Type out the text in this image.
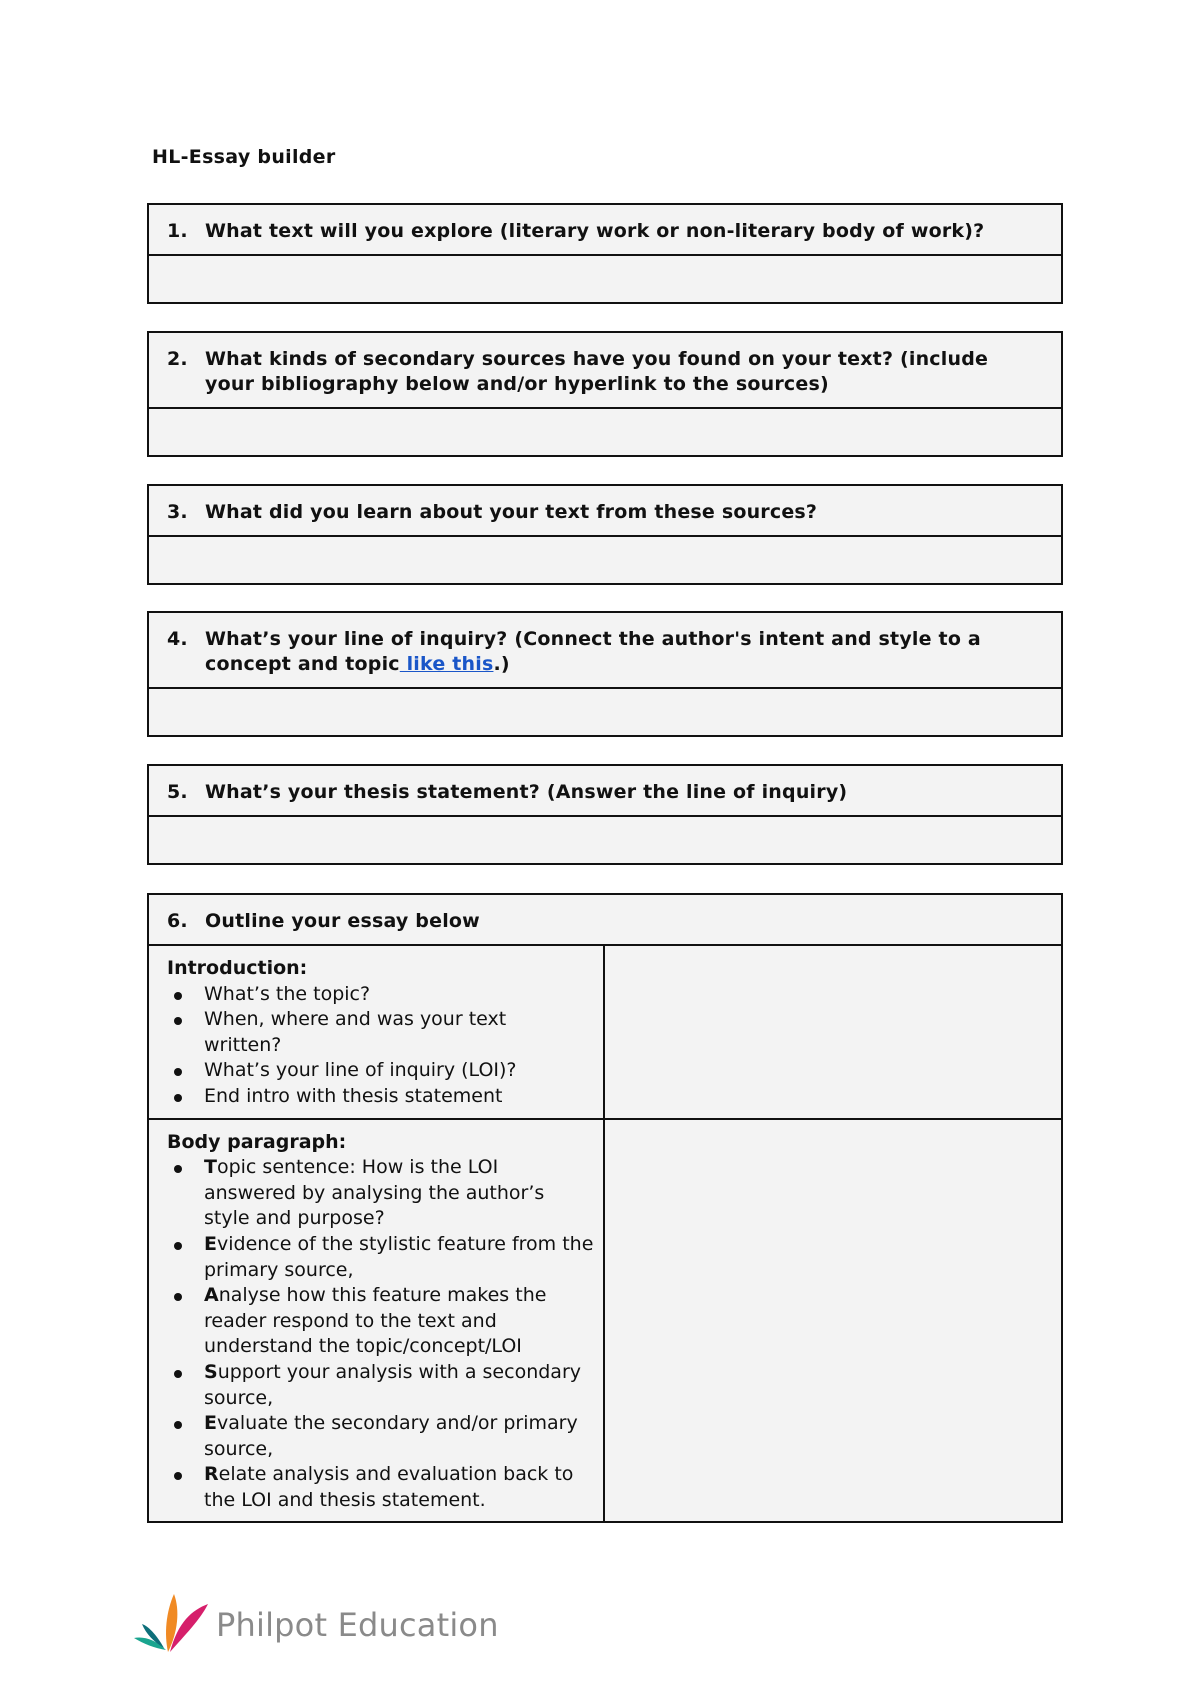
HL-Essay builder
1. What text will you explore (literary work or non-literary body of work)?
2. What kinds of secondary sources have you found on your text? (include your bibliography below and/or hyperlink to the sources)
3. What did you learn about your text from these sources?
4. What’s your line of inquiry? (Connect the author's intent and style to a concept and topic like this.)
5. What’s your thesis statement? (Answer the line of inquiry)
6. Outline your essay below
Introduction:
What’s the topic?
When, where and was your text written?
What’s your line of inquiry (LOI)?
End intro with thesis statement
Body paragraph:
Topic sentence: How is the LOI answered by analysing the author’s style and purpose?
Evidence of the stylistic feature from the primary source,
Analyse how this feature makes the reader respond to the text and understand the topic/concept/LOI
Support your analysis with a secondary source,
Evaluate the secondary and/or primary source,
Relate analysis and evaluation back to the LOI and thesis statement.
Philpot Education
